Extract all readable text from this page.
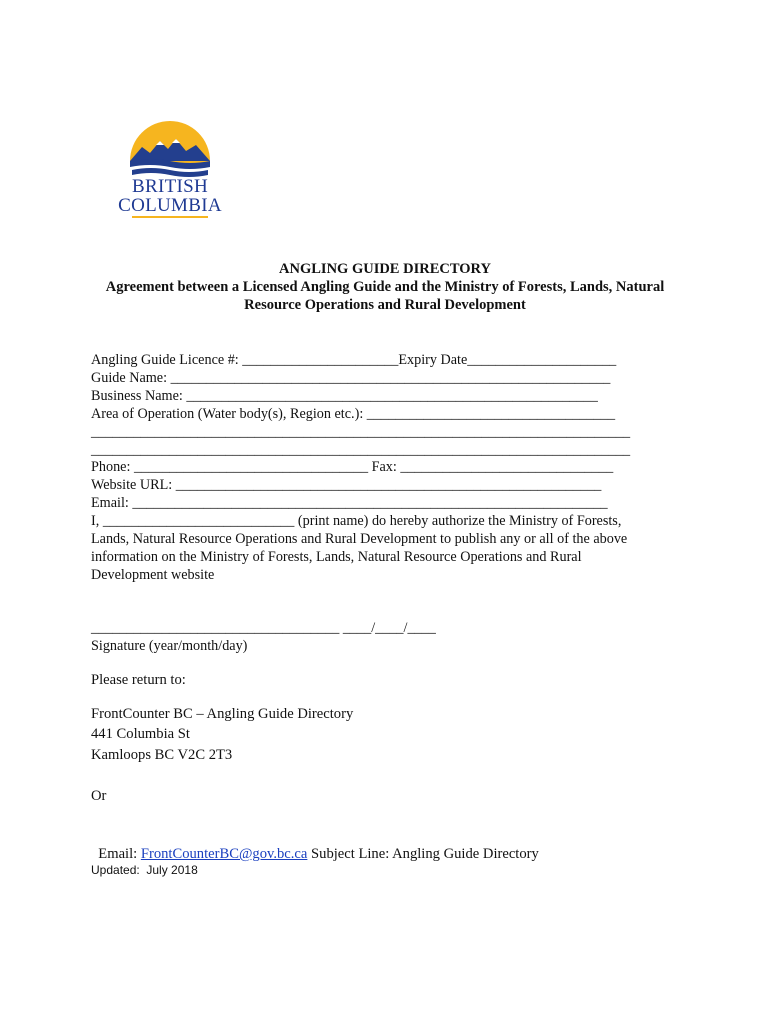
BRITISH
COLUMBIA
ANGLING GUIDE DIRECTORY
Agreement between a Licensed Angling Guide and the Ministry of Forests, Lands, Natural
Resource Operations and Rural Development
Angling Guide Licence #: ______________________Expiry Date_____________________
Guide Name: ______________________________________________________________
Business Name: __________________________________________________________
Area of Operation (Water body(s), Region etc.): ___________________________________
____________________________________________________________________________
____________________________________________________________________________
Phone: _________________________________ Fax: ______________________________
Website URL: ____________________________________________________________
Email: ___________________________________________________________________
I, ___________________________ (print name) do hereby authorize the Ministry of Forests,
Lands, Natural Resource Operations and Rural Development to publish any or all of the above
information on the Ministry of Forests, Lands, Natural Resource Operations and Rural
Development website
___________________________________ ____/____/____
Signature (year/month/day)
Please return to:
FrontCounter BC – Angling Guide Directory
441 Columbia St
Kamloops BC V2C 2T3
Or

Email: FrontCounterBC@gov.bc.ca Subject Line: Angling Guide Directory

Updated:  July 2018
